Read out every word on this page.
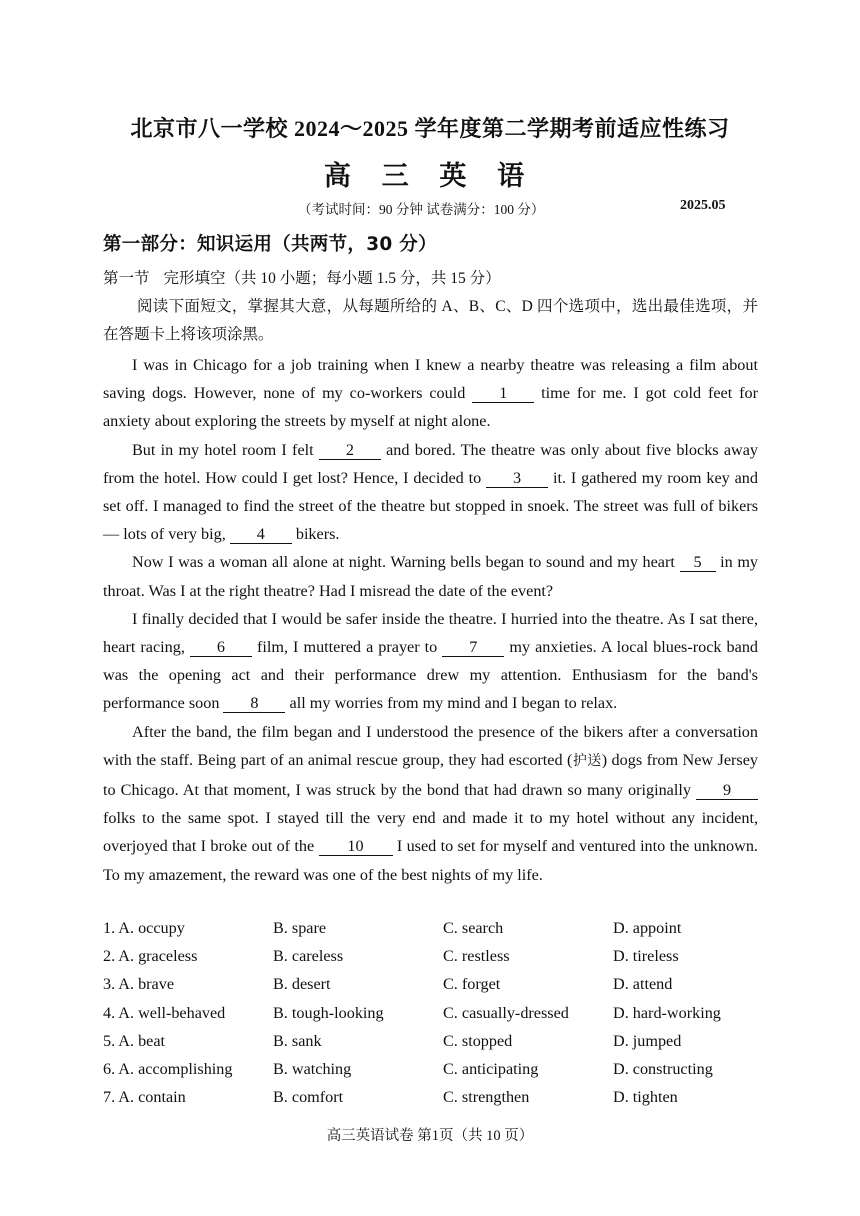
北京市八一学校 2024～2025 学年度第二学期考前适应性练习
高 三 英 语
（考试时间：90 分钟 试卷满分：100 分）	2025.05
第一部分：知识运用（共两节，30 分）
第一节 完形填空（共 10 小题；每小题 1.5 分，共 15 分）
阅读下面短文，掌握其大意，从每题所给的 A、B、C、D 四个选项中，选出最佳选项，并在答题卡上将该项涂黑。

I was in Chicago for a job training when I knew a nearby theatre was releasing a film about saving dogs. However, none of my co-workers could 1 time for me. I got cold feet for anxiety about exploring the streets by myself at night alone.

But in my hotel room I felt 2 and bored. The theatre was only about five blocks away from the hotel. How could I get lost? Hence, I decided to 3 it. I gathered my room key and set off. I managed to find the street of the theatre but stopped in snoek. The street was full of bikers — lots of very big, 4 bikers.

Now I was a woman all alone at night. Warning bells began to sound and my heart 5 in my throat. Was I at the right theatre? Had I misread the date of the event?

I finally decided that I would be safer inside the theatre. I hurried into the theatre. As I sat there, heart racing, 6 film, I muttered a prayer to 7 my anxieties. A local blues-rock band was the opening act and their performance drew my attention. Enthusiasm for the band's performance soon 8 all my worries from my mind and I began to relax.

After the band, the film began and I understood the presence of the bikers after a conversation with the staff. Being part of an animal rescue group, they had escorted (护送) dogs from New Jersey to Chicago. At that moment, I was struck by the bond that had drawn so many originally 9 folks to the same spot. I stayed till the very end and made it to my hotel without any incident, overjoyed that I broke out of the 10 I used to set for myself and ventured into the unknown. To my amazement, the reward was one of the best nights of my life.

1. A. occupy	B. spare	C. search	D. appoint
2. A. graceless	B. careless	C. restless	D. tireless
3. A. brave	B. desert	C. forget	D. attend
4. A. well-behaved	B. tough-looking	C. casually-dressed	D. hard-working
5. A. beat	B. sank	C. stopped	D. jumped
6. A. accomplishing	B. watching	C. anticipating	D. constructing
7. A. contain	B. comfort	C. strengthen	D. tighten
高三英语试卷 第1页（共 10 页）
